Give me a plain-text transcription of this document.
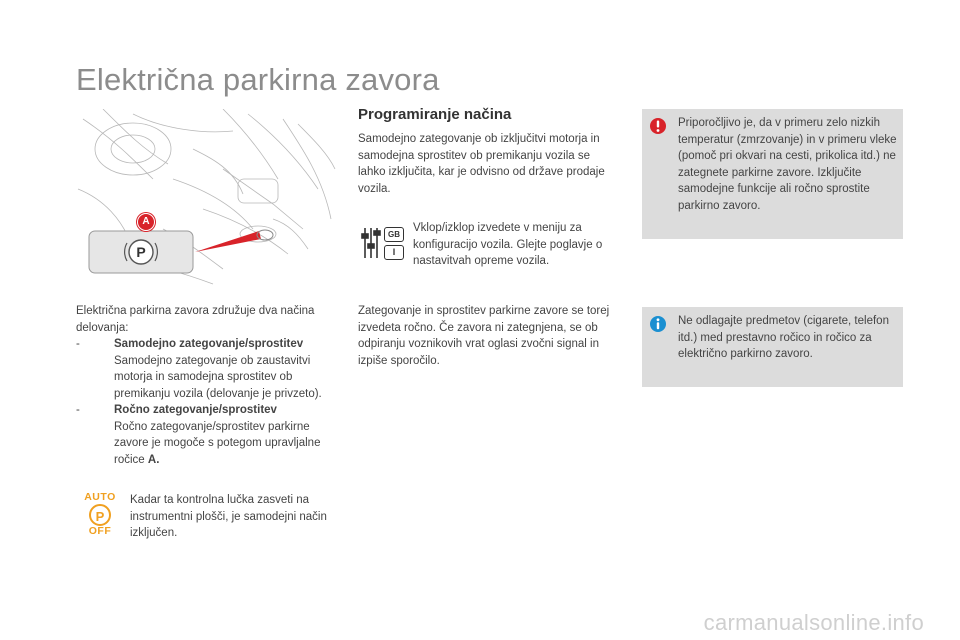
Električna parkirna zavora
P
A
Električna parkirna zavora združuje dva načina delovanja:
-	Samodejno zategovanje/sprostitev
Samodejno zategovanje ob zaustavitvi motorja in samodejna sprostitev ob premikanju vozila (delovanje je privzeto).
-	Ročno zategovanje/sprostitev
Ročno zategovanje/sprostitev parkirne zavore je mogoče s potegom upravljalne ročice A.
AUTO
P
OFF
Kadar ta kontrolna lučka zasveti na instrumentni plošči, je samodejni način izključen.
Programiranje načina
Samodejno zategovanje ob izključitvi motorja in samodejna sprostitev ob premikanju vozila se lahko izključita, kar je odvisno od države prodaje vozila.
GB
I
Vklop/izklop izvedete v meniju za konfiguracijo vozila. Glejte poglavje o nastavitvah opreme vozila.
Zategovanje in sprostitev parkirne zavore se torej izvedeta ročno. Če zavora ni zategnjena, se ob odpiranju voznikovih vrat oglasi zvočni signal in izpiše sporočilo.
Priporočljivo je, da v primeru zelo nizkih temperatur (zmrzovanje) in v primeru vleke (pomoč pri okvari na cesti, prikolica itd.) ne zategnete parkirne zavore. Izključite samodejne funkcije ali ročno sprostite parkirno zavoro.
Ne odlagajte predmetov (cigarete, telefon itd.) med prestavno ročico in ročico za električno parkirno zavoro.
carmanualsonline.info
